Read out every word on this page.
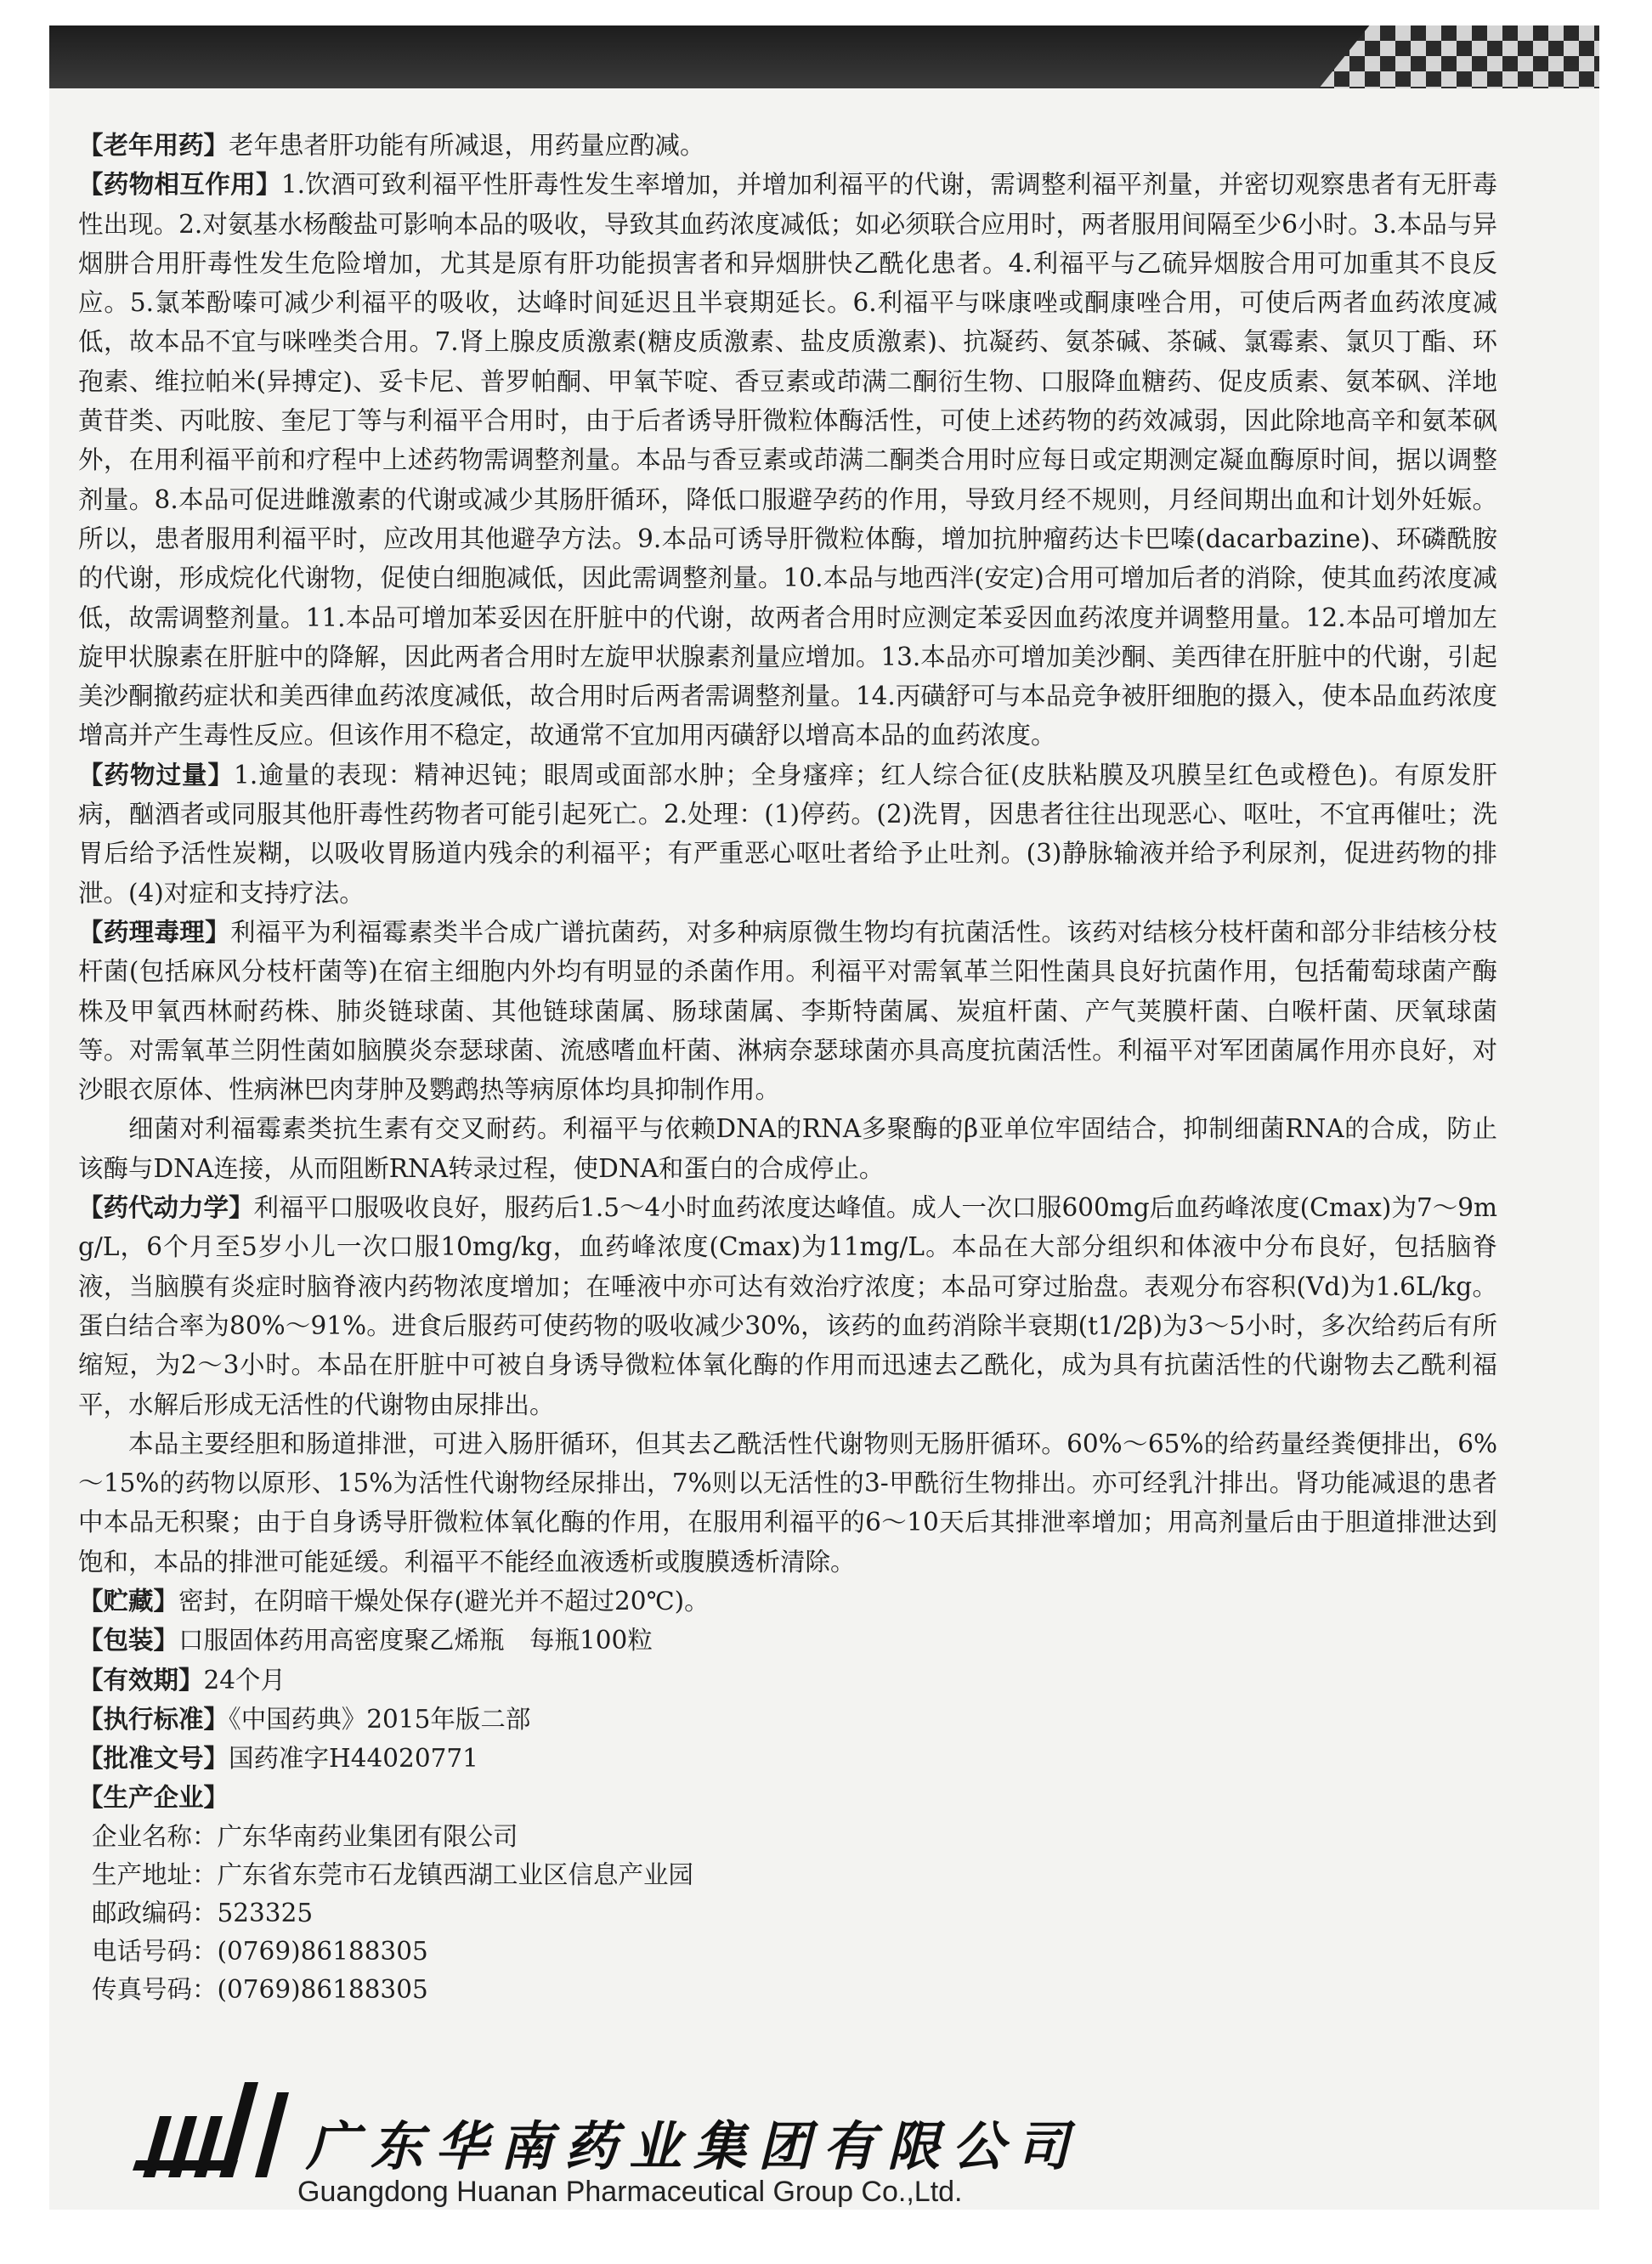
【老年用药】老年患者肝功能有所减退，用药量应酌减。

【药物相互作用】1.饮酒可致利福平性肝毒性发生率增加，并增加利福平的代谢，需调整利福平剂量，并密切观察患者有无肝毒性出现。2.对氨基水杨酸盐可影响本品的吸收，导致其血药浓度减低；如必须联合应用时，两者服用间隔至少6小时。3.本品与异烟肼合用肝毒性发生危险增加，尤其是原有肝功能损害者和异烟肼快乙酰化患者。4.利福平与乙硫异烟胺合用可加重其不良反应。5.氯苯酚嗪可减少利福平的吸收，达峰时间延迟且半衰期延长。6.利福平与咪康唑或酮康唑合用，可使后两者血药浓度减低，故本品不宜与咪唑类合用。7.肾上腺皮质激素(糖皮质激素、盐皮质激素)、抗凝药、氨茶碱、茶碱、氯霉素、氯贝丁酯、环孢素、维拉帕米(异搏定)、妥卡尼、普罗帕酮、甲氧苄啶、香豆素或茚满二酮衍生物、口服降血糖药、促皮质素、氨苯砜、洋地黄苷类、丙吡胺、奎尼丁等与利福平合用时，由于后者诱导肝微粒体酶活性，可使上述药物的药效减弱，因此除地高辛和氨苯砜外，在用利福平前和疗程中上述药物需调整剂量。本品与香豆素或茚满二酮类合用时应每日或定期测定凝血酶原时间，据以调整剂量。8.本品可促进雌激素的代谢或减少其肠肝循环，降低口服避孕药的作用，导致月经不规则，月经间期出血和计划外妊娠。所以，患者服用利福平时，应改用其他避孕方法。9.本品可诱导肝微粒体酶，增加抗肿瘤药达卡巴嗪(dacarbazine)、环磷酰胺的代谢，形成烷化代谢物，促使白细胞减低，因此需调整剂量。10.本品与地西泮(安定)合用可增加后者的消除，使其血药浓度减低，故需调整剂量。11.本品可增加苯妥因在肝脏中的代谢，故两者合用时应测定苯妥因血药浓度并调整用量。12.本品可增加左旋甲状腺素在肝脏中的降解，因此两者合用时左旋甲状腺素剂量应增加。13.本品亦可增加美沙酮、美西律在肝脏中的代谢，引起美沙酮撤药症状和美西律血药浓度减低，故合用时后两者需调整剂量。14.丙磺舒可与本品竞争被肝细胞的摄入，使本品血药浓度增高并产生毒性反应。但该作用不稳定，故通常不宜加用丙磺舒以增高本品的血药浓度。

【药物过量】1.逾量的表现：精神迟钝；眼周或面部水肿；全身瘙痒；红人综合征(皮肤粘膜及巩膜呈红色或橙色)。有原发肝病，酗酒者或同服其他肝毒性药物者可能引起死亡。2.处理：(1)停药。(2)洗胃，因患者往往出现恶心、呕吐，不宜再催吐；洗胃后给予活性炭糊，以吸收胃肠道内残余的利福平；有严重恶心呕吐者给予止吐剂。(3)静脉输液并给予利尿剂，促进药物的排泄。(4)对症和支持疗法。

【药理毒理】利福平为利福霉素类半合成广谱抗菌药，对多种病原微生物均有抗菌活性。该药对结核分枝杆菌和部分非结核分枝杆菌(包括麻风分枝杆菌等)在宿主细胞内外均有明显的杀菌作用。利福平对需氧革兰阳性菌具良好抗菌作用，包括葡萄球菌产酶株及甲氧西林耐药株、肺炎链球菌、其他链球菌属、肠球菌属、李斯特菌属、炭疽杆菌、产气荚膜杆菌、白喉杆菌、厌氧球菌等。对需氧革兰阴性菌如脑膜炎奈瑟球菌、流感嗜血杆菌、淋病奈瑟球菌亦具高度抗菌活性。利福平对军团菌属作用亦良好，对沙眼衣原体、性病淋巴肉芽肿及鹦鹉热等病原体均具抑制作用。

细菌对利福霉素类抗生素有交叉耐药。利福平与依赖DNA的RNA多聚酶的β亚单位牢固结合，抑制细菌RNA的合成，防止该酶与DNA连接，从而阻断RNA转录过程，使DNA和蛋白的合成停止。

【药代动力学】利福平口服吸收良好，服药后1.5～4小时血药浓度达峰值。成人一次口服600mg后血药峰浓度(Cmax)为7～9mg/L，6个月至5岁小儿一次口服10mg/kg，血药峰浓度(Cmax)为11mg/L。本品在大部分组织和体液中分布良好，包括脑脊液，当脑膜有炎症时脑脊液内药物浓度增加；在唾液中亦可达有效治疗浓度；本品可穿过胎盘。表观分布容积(Vd)为1.6L/kg。蛋白结合率为80%～91%。进食后服药可使药物的吸收减少30%，该药的血药消除半衰期(t1/2β)为3～5小时，多次给药后有所缩短，为2～3小时。本品在肝脏中可被自身诱导微粒体氧化酶的作用而迅速去乙酰化，成为具有抗菌活性的代谢物去乙酰利福平，水解后形成无活性的代谢物由尿排出。

本品主要经胆和肠道排泄，可进入肠肝循环，但其去乙酰活性代谢物则无肠肝循环。60%～65%的给药量经粪便排出，6%～15%的药物以原形、15%为活性代谢物经尿排出，7%则以无活性的3-甲酰衍生物排出。亦可经乳汁排出。肾功能减退的患者中本品无积聚；由于自身诱导肝微粒体氧化酶的作用，在服用利福平的6～10天后其排泄率增加；用高剂量后由于胆道排泄达到饱和，本品的排泄可能延缓。利福平不能经血液透析或腹膜透析清除。

【贮藏】密封，在阴暗干燥处保存(避光并不超过20℃)。

【包装】口服固体药用高密度聚乙烯瓶　每瓶100粒

【有效期】24个月

【执行标准】《中国药典》2015年版二部

【批准文号】国药准字H44020771

【生产企业】

企业名称：广东华南药业集团有限公司

生产地址：广东省东莞市石龙镇西湖工业区信息产业园

邮政编码：523325

电话号码：(0769)86188305

传真号码：(0769)86188305

广东华南药业集团有限公司
Guangdong Huanan Pharmaceutical Group Co.,Ltd.
